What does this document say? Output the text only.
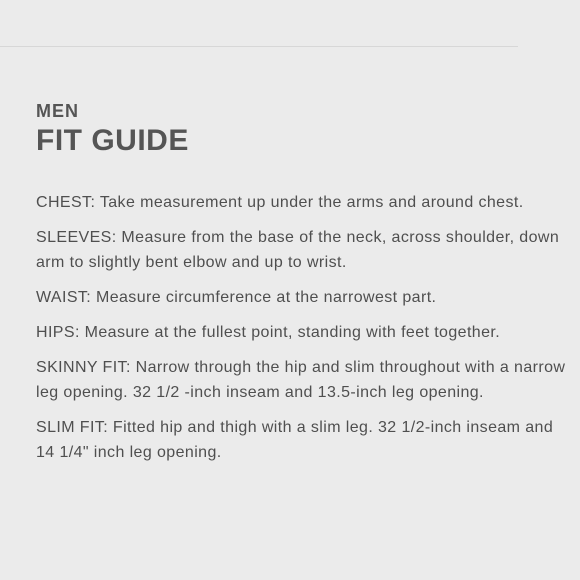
MEN
FIT GUIDE
CHEST: Take measurement up under the arms and around chest.
SLEEVES: Measure from the base of the neck, across shoulder, down arm to slightly bent elbow and up to wrist.
WAIST: Measure circumference at the narrowest part.
HIPS: Measure at the fullest point, standing with feet together.
SKINNY FIT: Narrow through the hip and slim throughout with a narrow leg opening. 32 1/2 -inch inseam and 13.5-inch leg opening.
SLIM FIT: Fitted hip and thigh with a slim leg. 32 1/2-inch inseam and 14 1/4" inch leg opening.
